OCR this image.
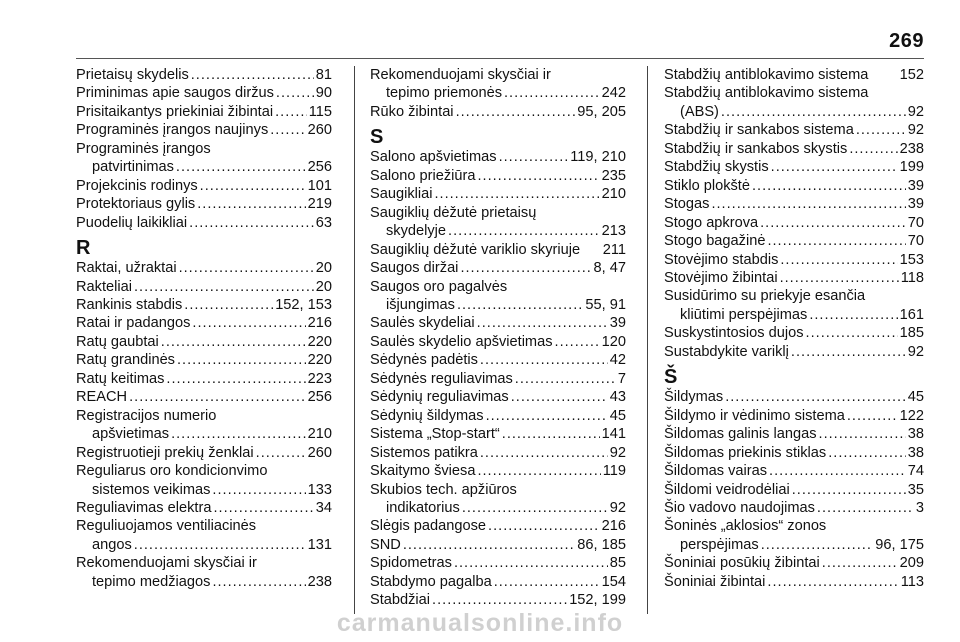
269
Prietaisų skydelis .....	81
Priminimas apie saugos diržus .....	90
Prisitaikantys priekiniai žibintai ..... 115
Programinės įrangos naujinys .....	260
Programinės įrangos
patvirtinimas .....	256
Projekcinis rodinys .....	101
Protektoriaus gylis .....	219
Puodelių laikikliai .....	63
R
Raktai, užraktai .....	20
Rakteliai .....	20
Rankinis stabdis .....	152, 153
Ratai ir padangos .....	216
Ratų gaubtai .....	220
Ratų grandinės .....	220
Ratų keitimas .....	223
REACH .....	256
Registracijos numerio
apšvietimas .....	210
Registruotieji prekių ženklai .....	260
Reguliarus oro kondicionvimo
sistemos veikimas .....	133
Reguliavimas elektra .....	34
Reguliuojamos ventiliacinės
angos .....	131
Rekomenduojami skysčiai ir
tepimo medžiagos .....	238
Rekomenduojami skysčiai ir
tepimo priemonės .....	242
Rūko žibintai .....	95, 205
S
Salono apšvietimas .....	119, 210
Salono priežiūra .....	235
Saugikliai .....	210
Saugiklių dėžutė prietaisų
skydelyje .....	213
Saugiklių dėžutė variklio skyriuje 211
Saugos diržai .....	8, 47
Saugos oro pagalvės
išjungimas .....	55, 91
Saulės skydeliai .....	39
Saulės skydelio apšvietimas .....	120
Sėdynės padėtis .....	42
Sėdynės reguliavimas .....	7
Sėdynių reguliavimas .....	43
Sėdynių šildymas .....	45
Sistema „Stop-start“ .....	141
Sistemos patikra .....	92
Skaitymo šviesa .....	119
Skubios tech. apžiūros
indikatorius .....	92
Slėgis padangose .....	216
SND .....	86, 185
Spidometras .....	85
Stabdymo pagalba .....	154
Stabdžiai .....	152, 199
Stabdžių antiblokavimo sistema 152
Stabdžių antiblokavimo sistema
(ABS) .....	92
Stabdžių ir sankabos sistema .....	92
Stabdžių ir sankabos skystis .....	238
Stabdžių skystis .....	199
Stiklo plokštė .....	39
Stogas .....	39
Stogo apkrova .....	70
Stogo bagažinė .....	70
Stovėjimo stabdis .....	153
Stovėjimo žibintai .....	118
Susidūrimo su priekyje esančia
kliūtimi perspėjimas .....	161
Suskystintosios dujos .....	185
Sustabdykite variklį .....	92
Š
Šildymas .....	45
Šildymo ir vėdinimo sistema .....	122
Šildomas galinis langas .....	38
Šildomas priekinis stiklas .....	38
Šildomas vairas .....	74
Šildomi veidrodėliai .....	35
Šio vadovo naudojimas .....	3
Šoninės „aklosios“ zonos
perspėjimas .....	96, 175
Šoniniai posūkių žibintai .....	209
Šoniniai žibintai .....	113
carmanualsonline.info
